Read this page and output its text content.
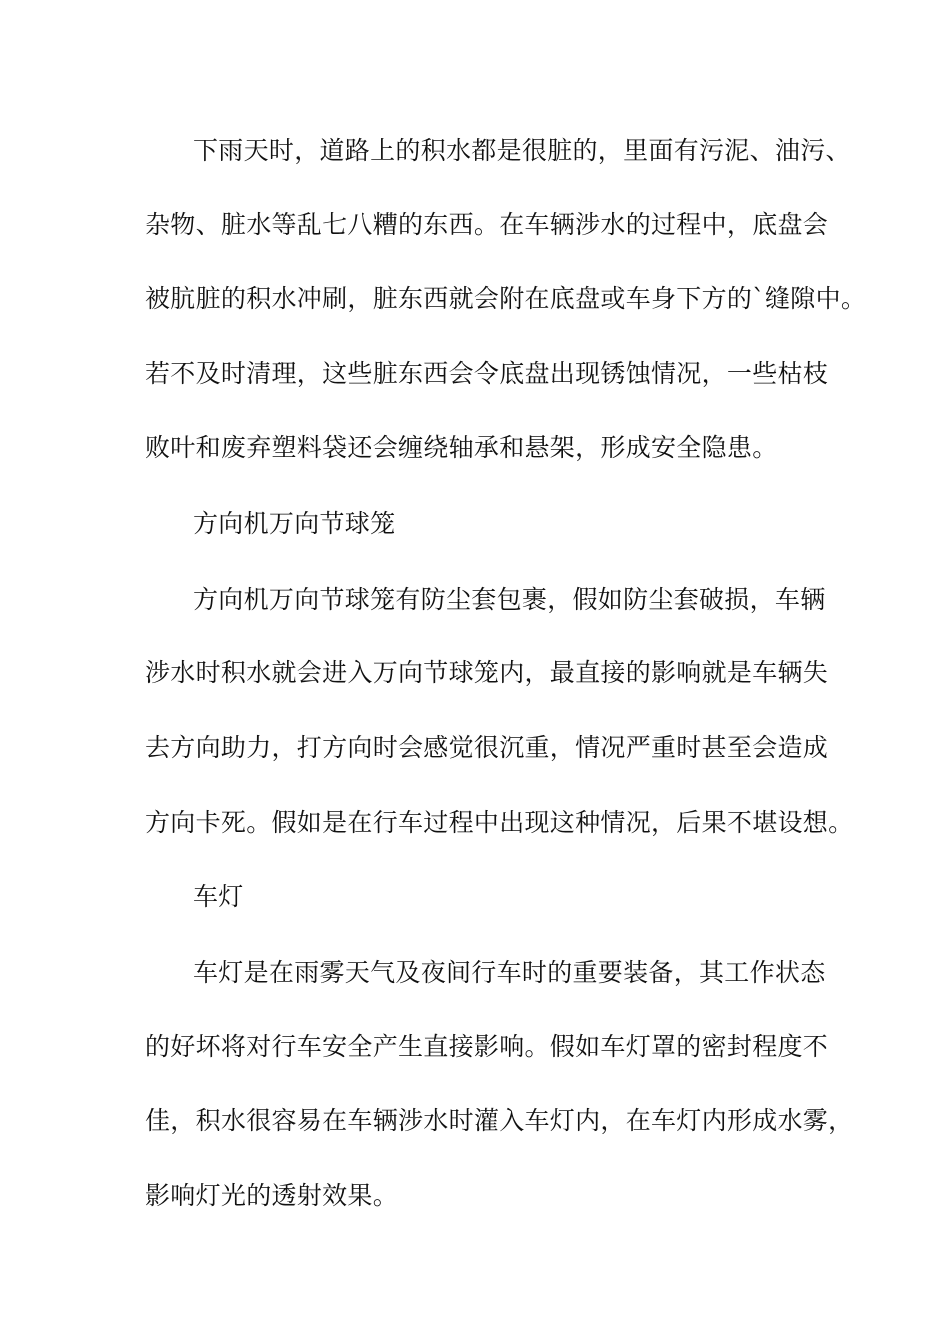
下雨天时，道路上的积水都是很脏的，里面有污泥、油污、
杂物、脏水等乱七八糟的东西。在车辆涉水的过程中，底盘会
被肮脏的积水冲刷，脏东西就会附在底盘或车身下方的`缝隙中。
若不及时清理，这些脏东西会令底盘出现锈蚀情况，一些枯枝
败叶和废弃塑料袋还会缠绕轴承和悬架，形成安全隐患。
方向机万向节球笼
方向机万向节球笼有防尘套包裹，假如防尘套破损，车辆
涉水时积水就会进入万向节球笼内，最直接的影响就是车辆失
去方向助力，打方向时会感觉很沉重，情况严重时甚至会造成
方向卡死。假如是在行车过程中出现这种情况，后果不堪设想。
车灯
车灯是在雨雾天气及夜间行车时的重要装备，其工作状态
的好坏将对行车安全产生直接影响。假如车灯罩的密封程度不
佳，积水很容易在车辆涉水时灌入车灯内，在车灯内形成水雾，
影响灯光的透射效果。
